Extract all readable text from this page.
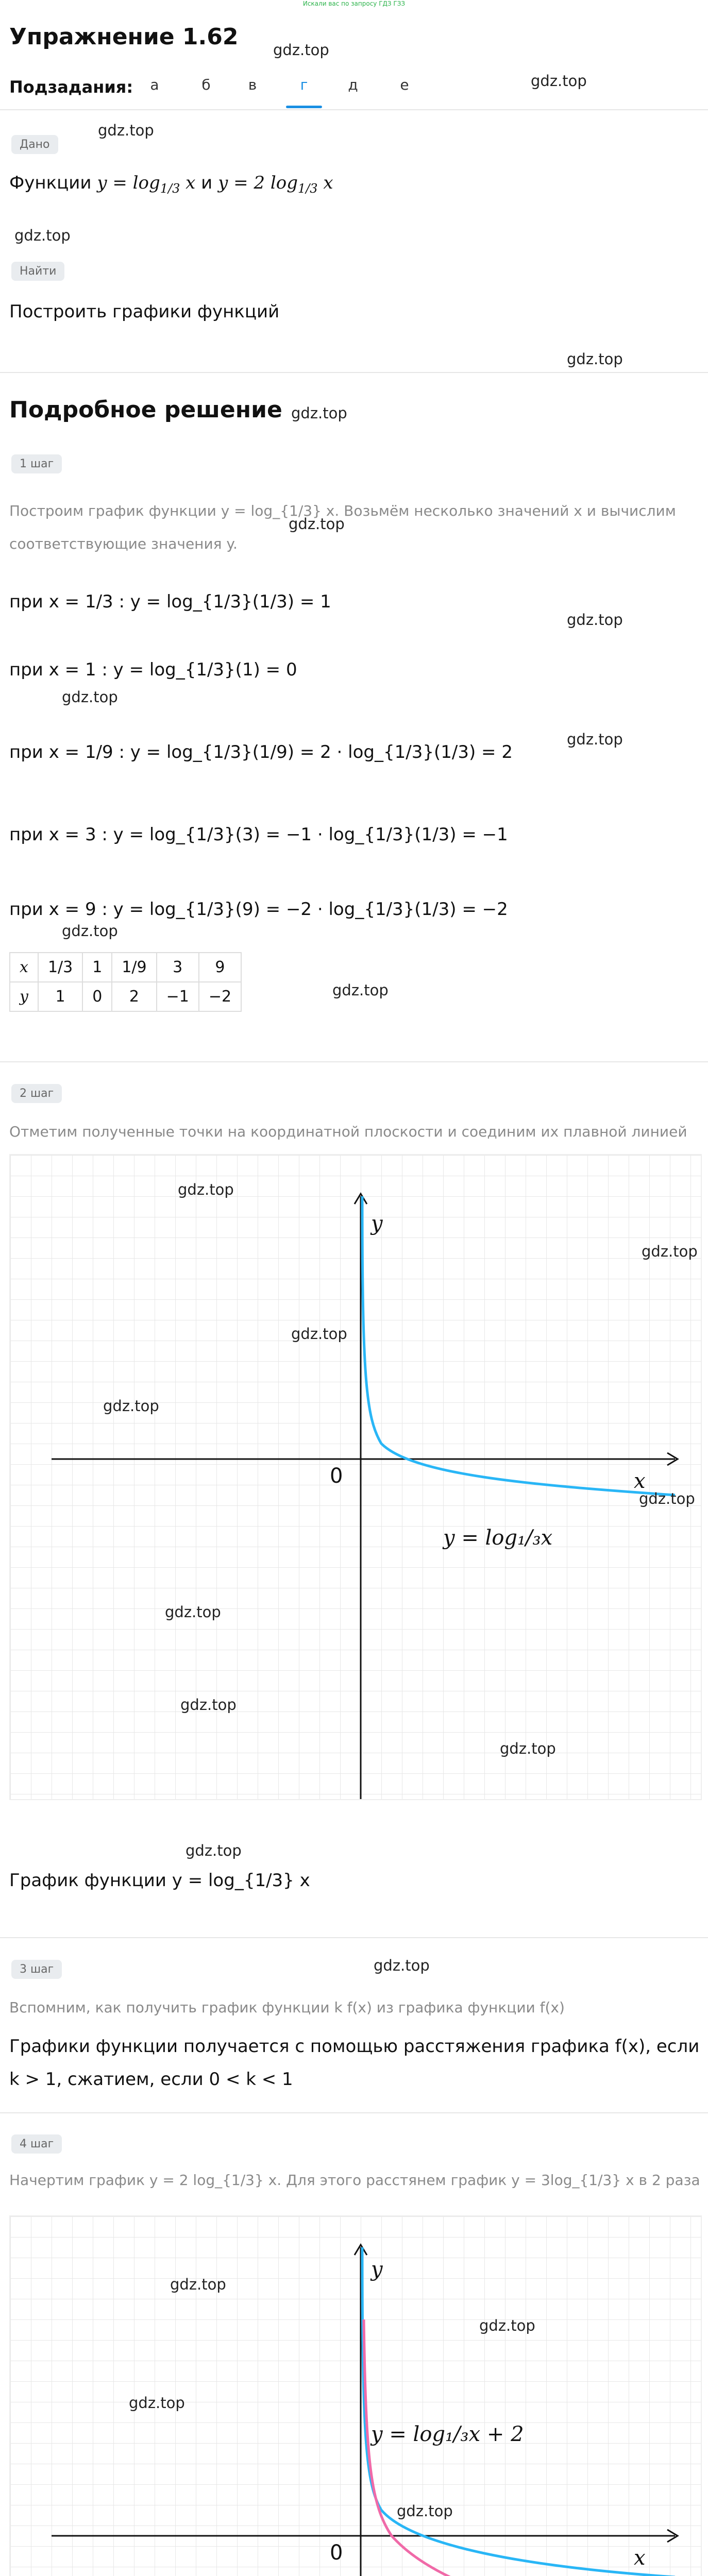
Искали вас по запросу ГДЗ ГЗЗ
Упражнение 1.62 gdz.top
Подзадания:	а	б	в	г	д	е	gdz.top
gdz.top
Дано
Функции $y = \log_{1/3} x$ и y = 2 $\log_{1/3} x$
gdz.top
Найти
Построить графики функций
gdz.top
Подробное решение gdz.top
1 шаг
Построим график функции y = log_{1/3} x. Возьмём несколько значений x и вычислим соответствующие значения y.
gdz.top
gdz.top
при x = 1/3 : y = log_{1/3}(1/3) = 1
gdz.top
при x = 1 : y = log_{1/3}(1) = 0
при x = 1/9 : y = log_{1/3}(1/9) = 2 · log_{1/3}(1/3) = 2
gdz.top
при x = 3 : y = log_{1/3}(3) = −1 · log_{1/3}(1/3) = −1
при x = 9 : y = log_{1/3}(9) = −2 · log_{1/3}(1/3) = −2
gdz.top
gdz.top
x	1/3	1	1/9	3	9
y	1	0	2	−1	−2
2 шаг
Отметим полученные точки на координатной плоскости и соединим их плавной линией
y
x
0
y = log₁/₃x
gdz.top
gdz.top
gdz.top
gdz.top
gdz.top
gdz.top
gdz.top
gdz.top
График функции y = log_{1/3} x
gdz.top
gdz.top
3 шаг
Вспомним, как получить график функции k f(x) из графика функции f(x)
Графики функции получается с помощью расстяжения графика f(x), если k > 1, сжатием, если 0 < k < 1
4 шаг
Начертим график y = 2 log_{1/3} x. Для этого расстянем график y = 3log_{1/3} x в 2 раза
y
x
0
y = log₁/₃x + 2
gdz.top
gdz.top
gdz.top
gdz.top
